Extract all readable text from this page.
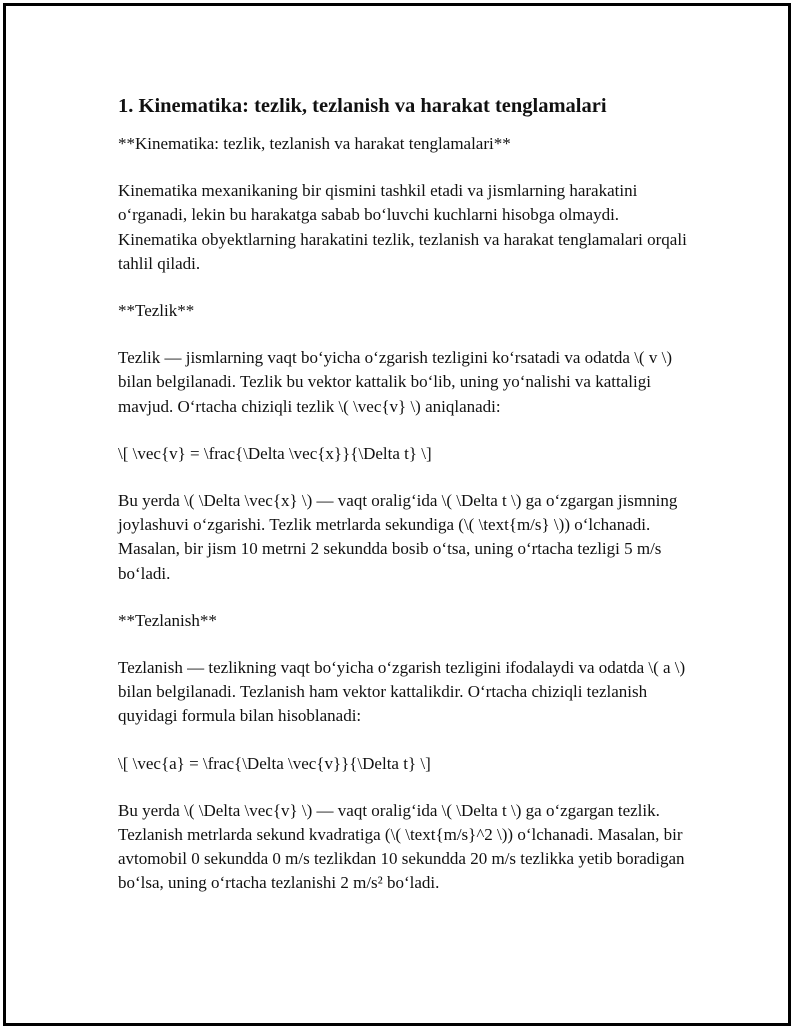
1. Kinematika: tezlik, tezlanish va harakat tenglamalari

**Kinematika: tezlik, tezlanish va harakat tenglamalari**

Kinematika mexanikaning bir qismini tashkil etadi va jismlarning harakatini o‘rganadi, lekin bu harakatga sabab bo‘luvchi kuchlarni hisobga olmaydi. Kinematika obyektlarning harakatini tezlik, tezlanish va harakat tenglamalari orqali tahlil qiladi.

**Tezlik**

Tezlik — jismlarning vaqt bo‘yicha o‘zgarish tezligini ko‘rsatadi va odatda \( v \) bilan belgilanadi. Tezlik bu vektor kattalik bo‘lib, uning yo‘nalishi va kattaligi mavjud. O‘rtacha chiziqli tezlik \( \vec{v} \) aniqlanadi:

\[ \vec{v} = \frac{\Delta \vec{x}}{\Delta t} \]

Bu yerda \( \Delta \vec{x} \) — vaqt oralig‘ida \( \Delta t \) ga o‘zgargan jismning joylashuvi o‘zgarishi. Tezlik metrlarda sekundiga (\( \text{m/s} \)) o‘lchanadi. Masalan, bir jism 10 metrni 2 sekundda bosib o‘tsa, uning o‘rtacha tezligi 5 m/s bo‘ladi.

**Tezlanish**

Tezlanish — tezlikning vaqt bo‘yicha o‘zgarish tezligini ifodalaydi va odatda \( a \) bilan belgilanadi. Tezlanish ham vektor kattalikdir. O‘rtacha chiziqli tezlanish quyidagi formula bilan hisoblanadi:

\[ \vec{a} = \frac{\Delta \vec{v}}{\Delta t} \]

Bu yerda \( \Delta \vec{v} \) — vaqt oralig‘ida \( \Delta t \) ga o‘zgargan tezlik. Tezlanish metrlarda sekund kvadratiga (\( \text{m/s}^2 \)) o‘lchanadi. Masalan, bir avtomobil 0 sekundda 0 m/s tezlikdan 10 sekundda 20 m/s tezlikka yetib boradigan bo‘lsa, uning o‘rtacha tezlanishi 2 m/s² bo‘ladi.
